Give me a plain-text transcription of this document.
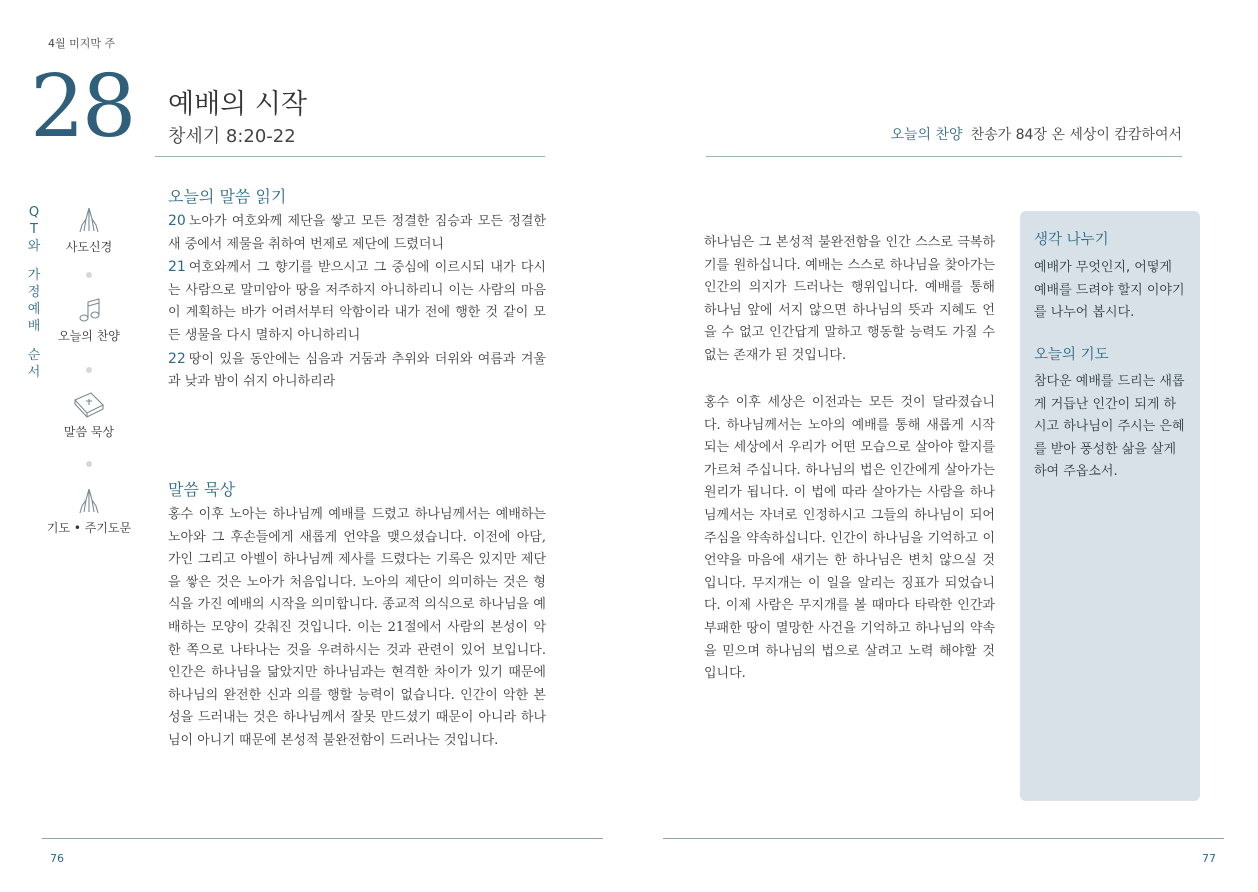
4월 미지막 주
28 예배의 시작
창세기 8:20-22	오늘의 찬양 찬송가 84장 온 세상이 캄캄하여서
Q
T
와
가
정
예
배
순
서
사도신경
오늘의 찬양
말씀 묵상
기도 • 주기도문
오늘의 말씀 읽기
20 노아가 여호와께 제단을 쌓고 모든 정결한 짐승과 모든 정결한 새 중에서 제물을 취하여 번제로 제단에 드렸더니
21 여호와께서 그 향기를 받으시고 그 중심에 이르시되 내가 다시는 사람으로 말미암아 땅을 저주하지 아니하리니 이는 사람의 마음이 계획하는 바가 어려서부터 악함이라 내가 전에 행한 것 같이 모든 생물을 다시 멸하지 아니하리니
22 땅이 있을 동안에는 심음과 거둠과 추위와 더위와 여름과 겨울과 낮과 밤이 쉬지 아니하리라
말씀 묵상
홍수 이후 노아는 하나님께 예배를 드렸고 하나님께서는 예배하는 노아와 그 후손들에게 새롭게 언약을 맺으셨습니다. 이전에 아담, 가인 그리고 아벨이 하나님께 제사를 드렸다는 기록은 있지만 제단을 쌓은 것은 노아가 처음입니다. 노아의 제단이 의미하는 것은 형식을 가진 예배의 시작을 의미합니다. 종교적 의식으로 하나님을 예배하는 모양이 갖춰진 것입니다. 이는 21절에서 사람의 본성이 악한 쪽으로 나타나는 것을 우려하시는 것과 관련이 있어 보입니다. 인간은 하나님을 닮았지만 하나님과는 현격한 차이가 있기 때문에 하나님의 완전한 신과 의를 행할 능력이 없습니다. 인간이 악한 본성을 드러내는 것은 하나님께서 잘못 만드셨기 때문이 아니라 하나님이 아니기 때문에 본성적 불완전함이 드러나는 것입니다.
하나님은 그 본성적 불완전함을 인간 스스로 극복하기를 원하십니다. 예배는 스스로 하나님을 찾아가는 인간의 의지가 드러나는 행위입니다. 예배를 통해 하나님 앞에 서지 않으면 하나님의 뜻과 지혜도 언을 수 없고 인간답게 말하고 행동할 능력도 가질 수 없는 존재가 된 것입니다.
홍수 이후 세상은 이전과는 모든 것이 달라졌습니다. 하나님께서는 노아의 예배를 통해 새롭게 시작되는 세상에서 우리가 어떤 모습으로 살아야 할지를 가르쳐 주십니다. 하나님의 법은 인간에게 살아가는 원리가 됩니다. 이 법에 따라 살아가는 사람을 하나님께서는 자녀로 인정하시고 그들의 하나님이 되어주심을 약속하십니다. 인간이 하나님을 기억하고 이 언약을 마음에 새기는 한 하나님은 변치 않으실 것입니다. 무지개는 이 일을 알리는 징표가 되었습니다. 이제 사람은 무지개를 볼 때마다 타락한 인간과 부패한 땅이 멸망한 사건을 기억하고 하나님의 약속을 믿으며 하나님의 법으로 살려고 노력 해야할 것입니다.
생각 나누기
예배가 무엇인지, 어떻게 예배를 드려야 할지 이야기를 나누어 봅시다.
오늘의 기도
참다운 예배를 드리는 새롭게 거듭난 인간이 되게 하시고 하나님이 주시는 은혜를 받아 풍성한 삶을 살게 하여 주옵소서.
76	77
